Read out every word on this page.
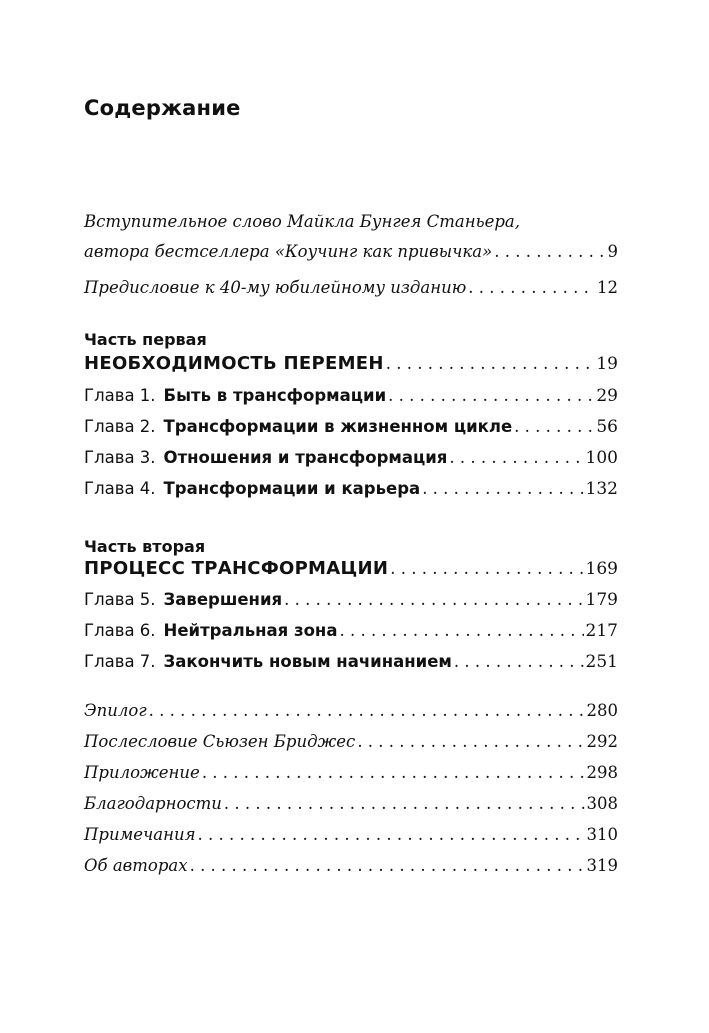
Содержание
Вступительное слово Майкла Бунгея Станьера,
автора бестселлера «Коучинг как привычка» . . .	9
Предисловие к 40-му юбилейному изданию . . .	12
Часть первая
НЕОБХОДИМОСТЬ ПЕРЕМЕН . . .	19
Глава 1. Быть в трансформации . . .	29
Глава 2. Трансформации в жизненном цикле . . .	56
Глава 3. Отношения и трансформация . . .	100
Глава 4. Трансформации и карьера . . .	132
Часть вторая
ПРОЦЕСС ТРАНСФОРМАЦИИ . . .	169
Глава 5. Завершения . . .	179
Глава 6. Нейтральная зона . . .	217
Глава 7. Закончить новым начинанием . . .	251
Эпилог . . .	280
Послесловие Сьюзен Бриджес . . .	292
Приложение . . .	298
Благодарности . . .	308
Примечания . . .	310
Об авторах . . .	319
